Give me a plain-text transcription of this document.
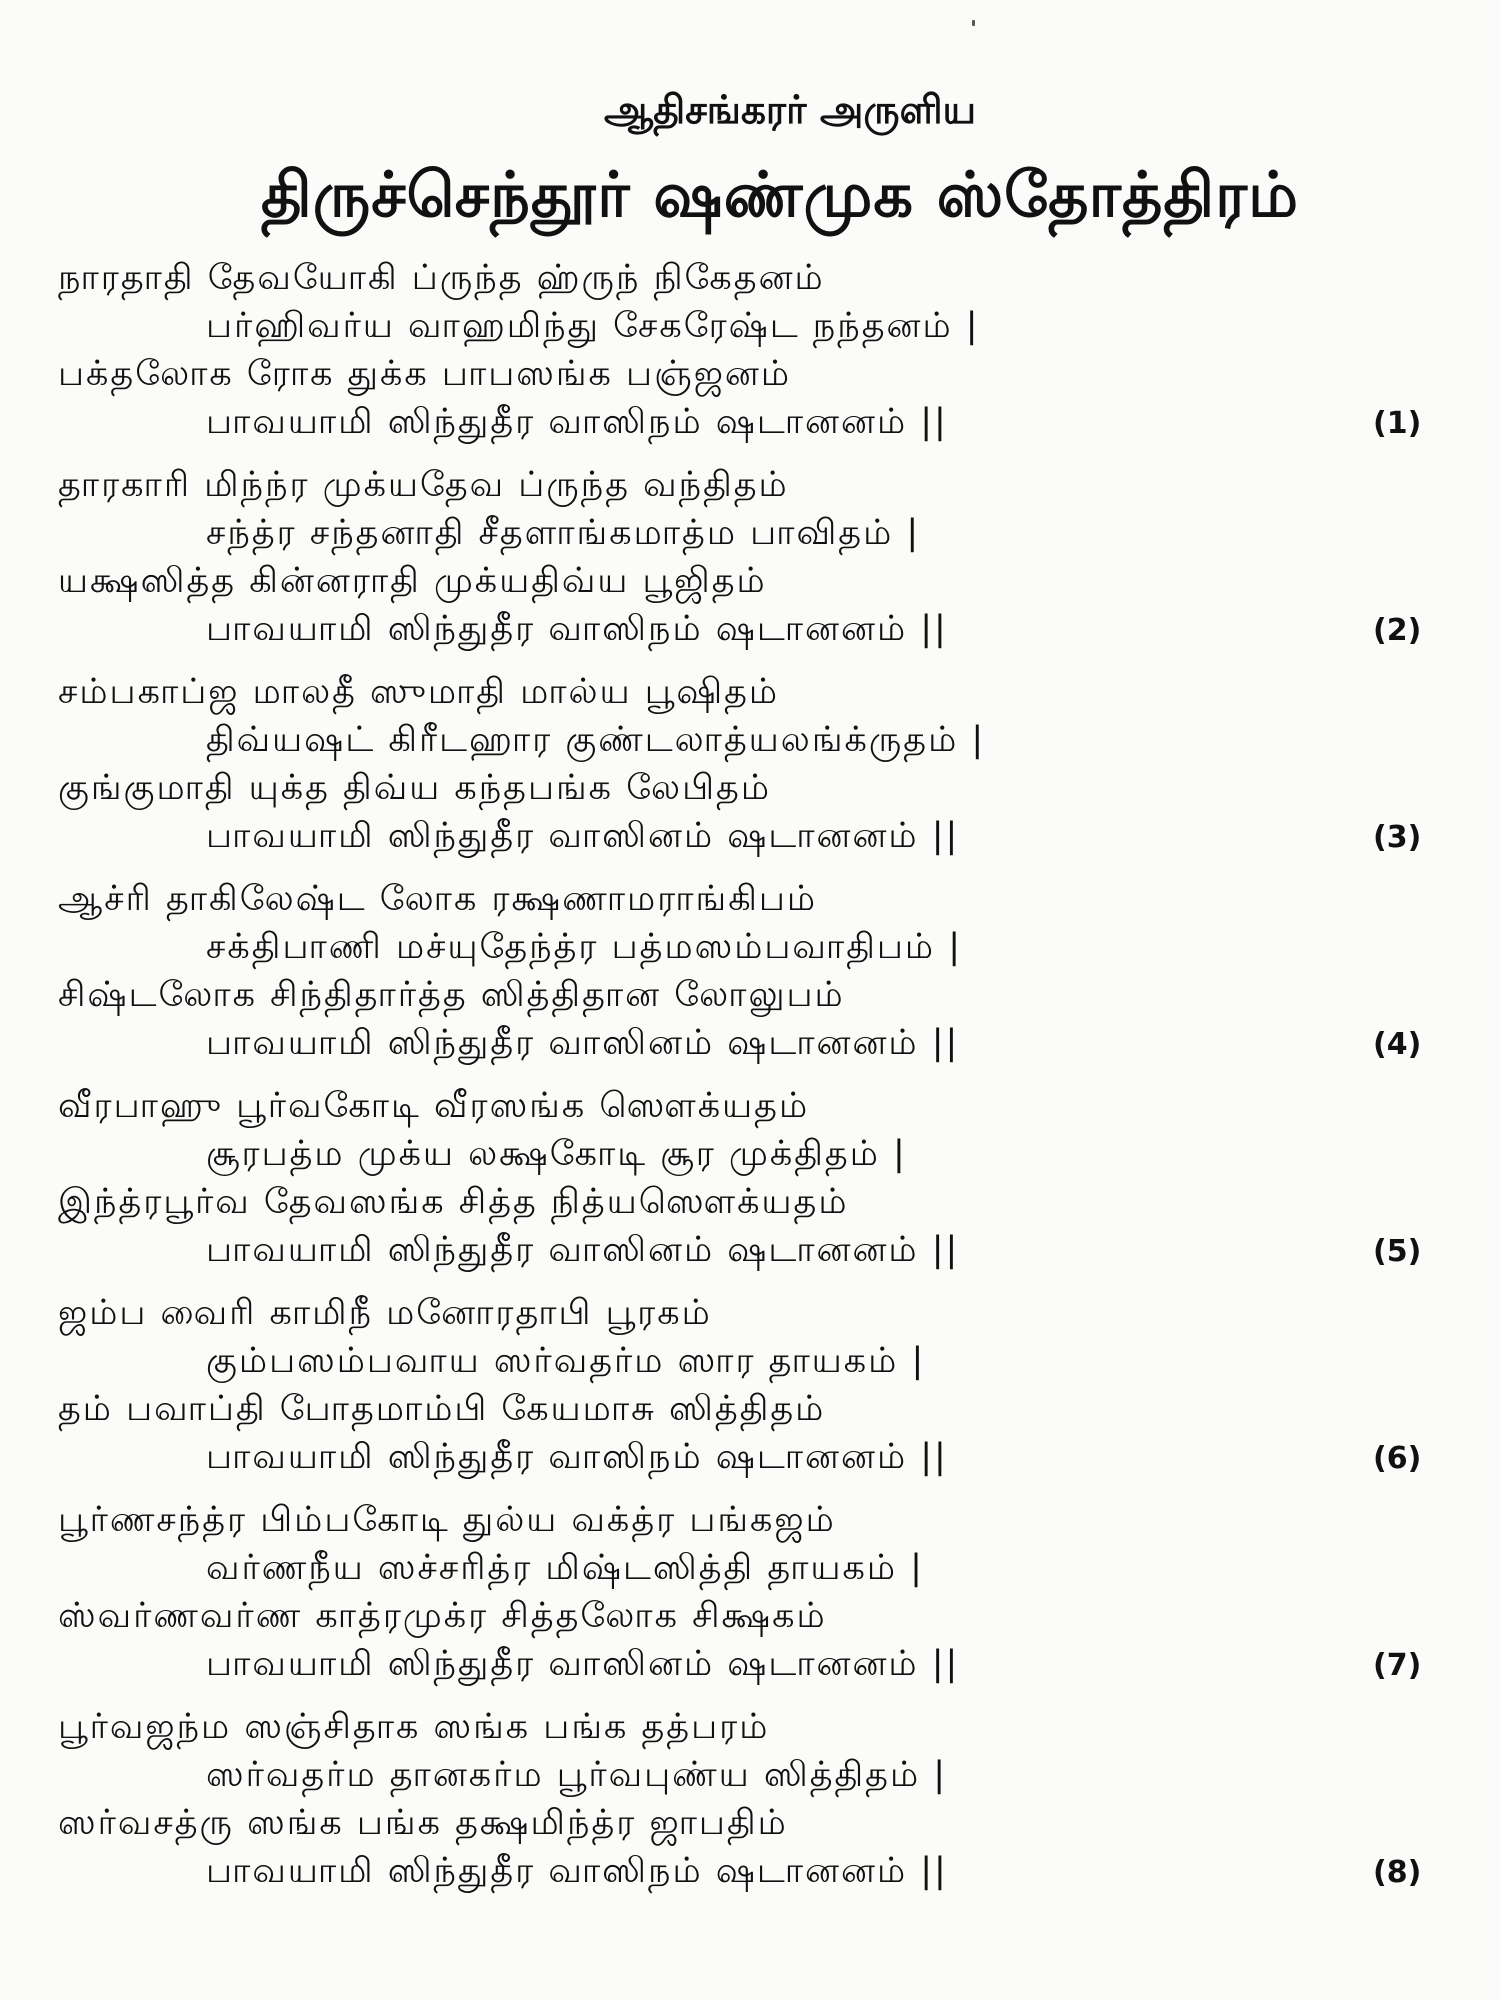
ஆதிசங்கரர் அருளிய
திருச்செந்தூர் ஷண்முக ஸ்தோத்திரம்
நாரதாதி தேவயோகி ப்ருந்த ஹ்ருந் நிகேதனம்
பர்ஹிவர்ய வாஹமிந்து சேகரேஷ்ட நந்தனம் |
பக்தலோக ரோக துக்க பாபஸங்க பஞ்ஜனம்
பாவயாமி ஸிந்துதீர வாஸிநம் ஷடானனம் ||	(1)
தாரகாரி மிந்ந்ர முக்யதேவ ப்ருந்த வந்திதம்
சந்த்ர சந்தனாதி சீதளாங்கமாத்ம பாவிதம் |
யக்ஷஸித்த கின்னராதி முக்யதிவ்ய பூஜிதம்
பாவயாமி ஸிந்துதீர வாஸிநம் ஷடானனம் ||	(2)
சம்பகாப்ஜ மாலதீ ஸுமாதி மால்ய பூஷிதம்
திவ்யஷட் கிரீடஹார குண்டலாத்யலங்க்ருதம் |
குங்குமாதி யுக்த திவ்ய கந்தபங்க லேபிதம்
பாவயாமி ஸிந்துதீர வாஸினம் ஷடானனம் ||	(3)
ஆச்ரி தாகிலேஷ்ட லோக ரக்ஷணாமராங்கிபம்
சக்திபாணி மச்யுதேந்த்ர பத்மஸம்பவாதிபம் |
சிஷ்டலோக சிந்திதார்த்த ஸித்திதான லோலுபம்
பாவயாமி ஸிந்துதீர வாஸினம் ஷடானனம் ||	(4)
வீரபாஹு பூர்வகோடி வீரஸங்க ஸௌக்யதம்
சூரபத்ம முக்ய லக்ஷகோடி சூர முக்திதம் |
இந்த்ரபூர்வ தேவஸங்க சித்த நித்யஸௌக்யதம்
பாவயாமி ஸிந்துதீர வாஸினம் ஷடானனம் ||	(5)
ஜம்ப வைரி காமிநீ மனோரதாபி பூரகம்
கும்பஸம்பவாய ஸர்வதர்ம ஸார தாயகம் |
தம் பவாப்தி போதமாம்பி கேயமாசு ஸித்திதம்
பாவயாமி ஸிந்துதீர வாஸிநம் ஷடானனம் ||	(6)
பூர்ணசந்த்ர பிம்பகோடி துல்ய வக்த்ர பங்கஜம்
வர்ணநீய ஸச்சரித்ர மிஷ்டஸித்தி தாயகம் |
ஸ்வர்ணவர்ண காத்ரமுக்ர சித்தலோக சிக்ஷகம்
பாவயாமி ஸிந்துதீர வாஸினம் ஷடானனம் ||	(7)
பூர்வஜந்ம ஸஞ்சிதாக ஸங்க பங்க தத்பரம்
ஸர்வதர்ம தானகர்ம பூர்வபுண்ய ஸித்திதம் |
ஸர்வசத்ரு ஸங்க பங்க தக்ஷமிந்த்ர ஜாபதிம்
பாவயாமி ஸிந்துதீர வாஸிநம் ஷடானனம் ||	(8)
